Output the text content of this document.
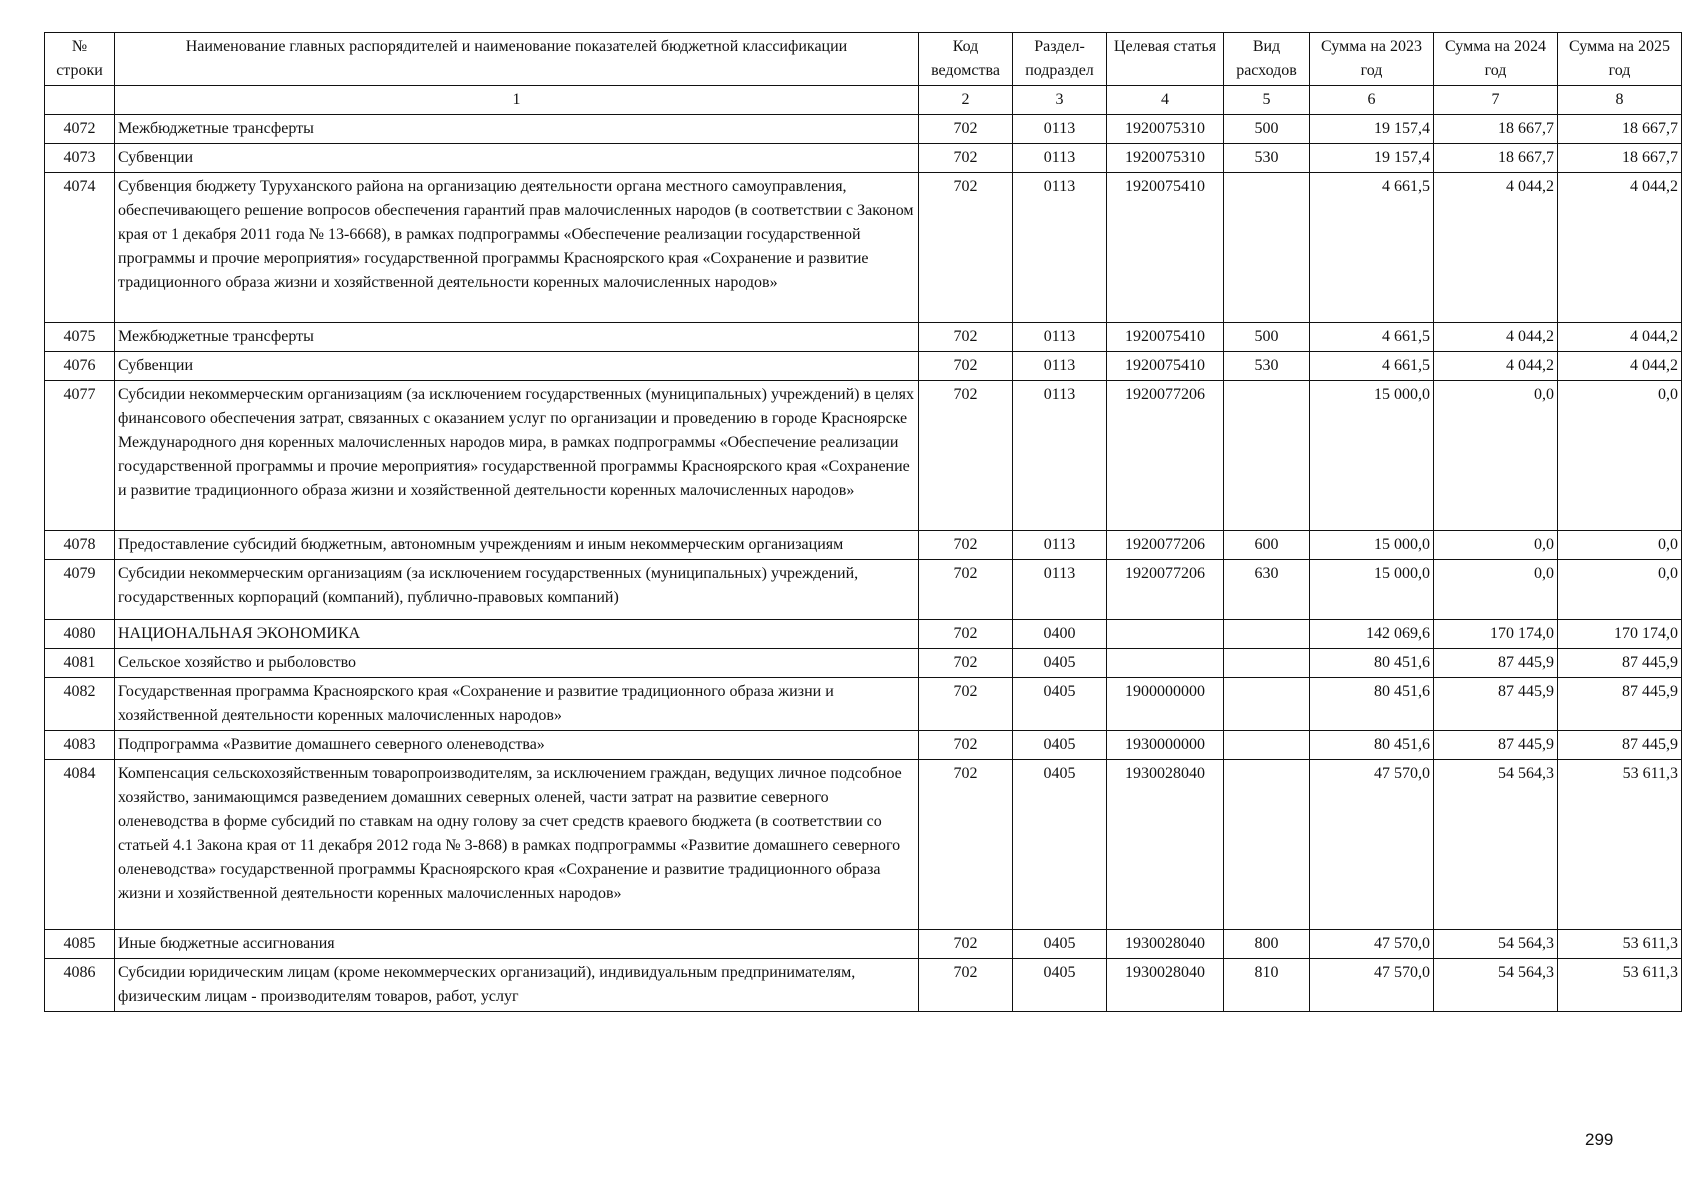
№ строки	Наименование главных распорядителей и наименование показателей бюджетной классификации	Код ведомства	Раздел-подраздел	Целевая статья	Вид расходов	Сумма на 2023 год	Сумма на 2024 год	Сумма на 2025 год
	1	2	3	4	5	6	7	8
4072	Межбюджетные трансферты	702	0113	1920075310	500	19 157,4	18 667,7	18 667,7
4073	Субвенции	702	0113	1920075310	530	19 157,4	18 667,7	18 667,7
4074	Субвенция бюджету Туруханского района на организацию деятельности органа местного самоуправления, обеспечивающего решение вопросов обеспечения гарантий прав малочисленных народов (в соответствии с Законом края от 1 декабря 2011 года № 13-6668), в рамках подпрограммы «Обеспечение реализации государственной программы и прочие мероприятия» государственной программы Красноярского края «Сохранение и развитие традиционного образа жизни и хозяйственной деятельности коренных малочисленных народов»	702	0113	1920075410		4 661,5	4 044,2	4 044,2
4075	Межбюджетные трансферты	702	0113	1920075410	500	4 661,5	4 044,2	4 044,2
4076	Субвенции	702	0113	1920075410	530	4 661,5	4 044,2	4 044,2
4077	Субсидии некоммерческим организациям (за исключением государственных (муниципальных) учреждений) в целях финансового обеспечения затрат, связанных с оказанием услуг по организации и проведению в городе Красноярске Международного дня коренных малочисленных народов мира, в рамках подпрограммы «Обеспечение реализации государственной программы и прочие мероприятия» государственной программы Красноярского края «Сохранение и развитие традиционного образа жизни и хозяйственной деятельности коренных малочисленных народов»	702	0113	1920077206		15 000,0	0,0	0,0
4078	Предоставление субсидий бюджетным, автономным учреждениям и иным некоммерческим организациям	702	0113	1920077206	600	15 000,0	0,0	0,0
4079	Субсидии некоммерческим организациям (за исключением государственных (муниципальных) учреждений, государственных корпораций (компаний), публично-правовых компаний)	702	0113	1920077206	630	15 000,0	0,0	0,0
4080	НАЦИОНАЛЬНАЯ ЭКОНОМИКА	702	0400			142 069,6	170 174,0	170 174,0
4081	Сельское хозяйство и рыболовство	702	0405			80 451,6	87 445,9	87 445,9
4082	Государственная программа Красноярского края «Сохранение и развитие традиционного образа жизни и хозяйственной деятельности коренных малочисленных народов»	702	0405	1900000000		80 451,6	87 445,9	87 445,9
4083	Подпрограмма «Развитие домашнего северного оленеводства»	702	0405	1930000000		80 451,6	87 445,9	87 445,9
4084	Компенсация сельскохозяйственным товаропроизводителям, за исключением граждан, ведущих личное подсобное хозяйство, занимающимся разведением домашних северных оленей, части затрат на развитие северного оленеводства в форме субсидий по ставкам на одну голову за счет средств краевого бюджета (в соответствии со статьей 4.1 Закона края от 11 декабря 2012 года № 3-868) в рамках подпрограммы «Развитие домашнего северного оленеводства» государственной программы Красноярского края «Сохранение и развитие традиционного образа жизни и хозяйственной деятельности коренных малочисленных народов»	702	0405	1930028040		47 570,0	54 564,3	53 611,3
4085	Иные бюджетные ассигнования	702	0405	1930028040	800	47 570,0	54 564,3	53 611,3
4086	Субсидии юридическим лицам (кроме некоммерческих организаций), индивидуальным предпринимателям, физическим лицам - производителям товаров, работ, услуг	702	0405	1930028040	810	47 570,0	54 564,3	53 611,3
299
